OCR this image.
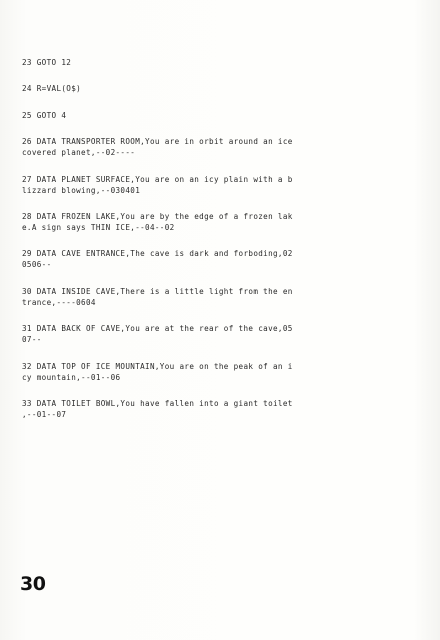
23 GOTO 12
24 R=VAL(O$)
25 GOTO 4
26 DATA TRANSPORTER ROOM,You are in orbit around an ice
covered planet,--02----
27 DATA PLANET SURFACE,You are on an icy plain with a b
lizzard blowing,--030401
28 DATA FROZEN LAKE,You are by the edge of a frozen lak
e.A sign says THIN ICE,--04--02
29 DATA CAVE ENTRANCE,The cave is dark and forboding,02
0506--
30 DATA INSIDE CAVE,There is a little light from the en
trance,----0604
31 DATA BACK OF CAVE,You are at the rear of the cave,05
07--
32 DATA TOP OF ICE MOUNTAIN,You are on the peak of an i
cy mountain,--01--06
33 DATA TOILET BOWL,You have fallen into a giant toilet
,--01--07
30
